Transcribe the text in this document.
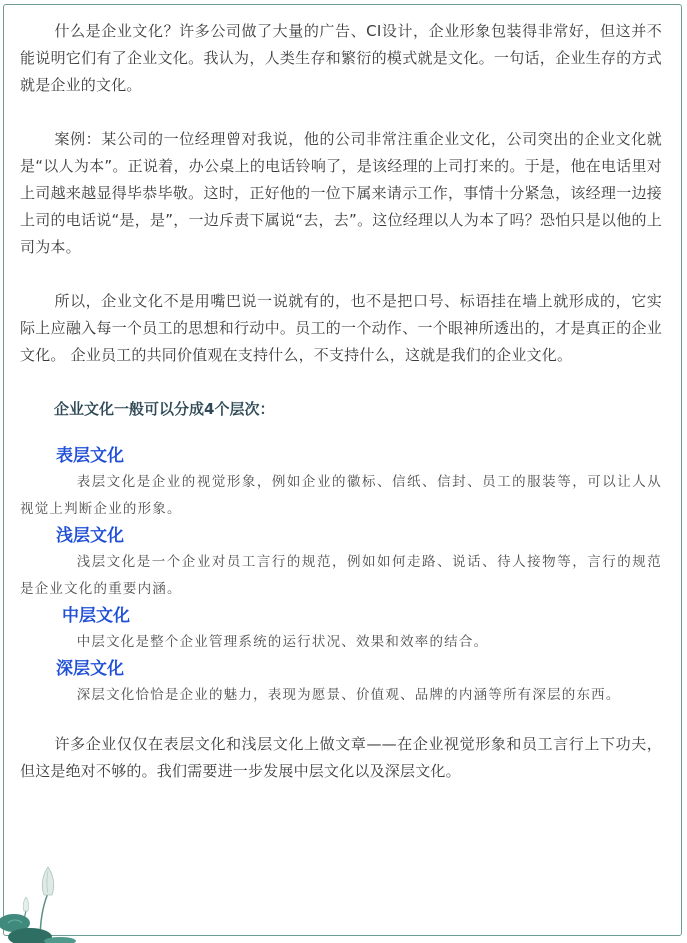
什么是企业文化？许多公司做了大量的广告、CI设计，企业形象包装得非常好，但这并不能说明它们有了企业文化。我认为，人类生存和繁衍的模式就是文化。一句话，企业生存的方式就是企业的文化。

案例：某公司的一位经理曾对我说，他的公司非常注重企业文化，公司突出的企业文化就是“以人为本”。正说着，办公桌上的电话铃响了，是该经理的上司打来的。于是，他在电话里对上司越来越显得毕恭毕敬。这时，正好他的一位下属来请示工作，事情十分紧急，该经理一边接上司的电话说“是，是”，一边斥责下属说“去，去”。这位经理以人为本了吗？恐怕只是以他的上司为本。

所以，企业文化不是用嘴巴说一说就有的，也不是把口号、标语挂在墙上就形成的，它实际上应融入每一个员工的思想和行动中。员工的一个动作、一个眼神所透出的，才是真正的企业文化。 企业员工的共同价值观在支持什么，不支持什么，这就是我们的企业文化。

企业文化一般可以分成4个层次：

表层文化

表层文化是企业的视觉形象，例如企业的徽标、信纸、信封、员工的服装等，可以让人从视觉上判断企业的形象。

浅层文化

浅层文化是一个企业对员工言行的规范，例如如何走路、说话、待人接物等，言行的规范是企业文化的重要内涵。

中层文化

中层文化是整个企业管理系统的运行状况、效果和效率的结合。

深层文化

深层文化恰恰是企业的魅力，表现为愿景、价值观、品牌的内涵等所有深层的东西。

许多企业仅仅在表层文化和浅层文化上做文章——在企业视觉形象和员工言行上下功夫，但这是绝对不够的。我们需要进一步发展中层文化以及深层文化。
